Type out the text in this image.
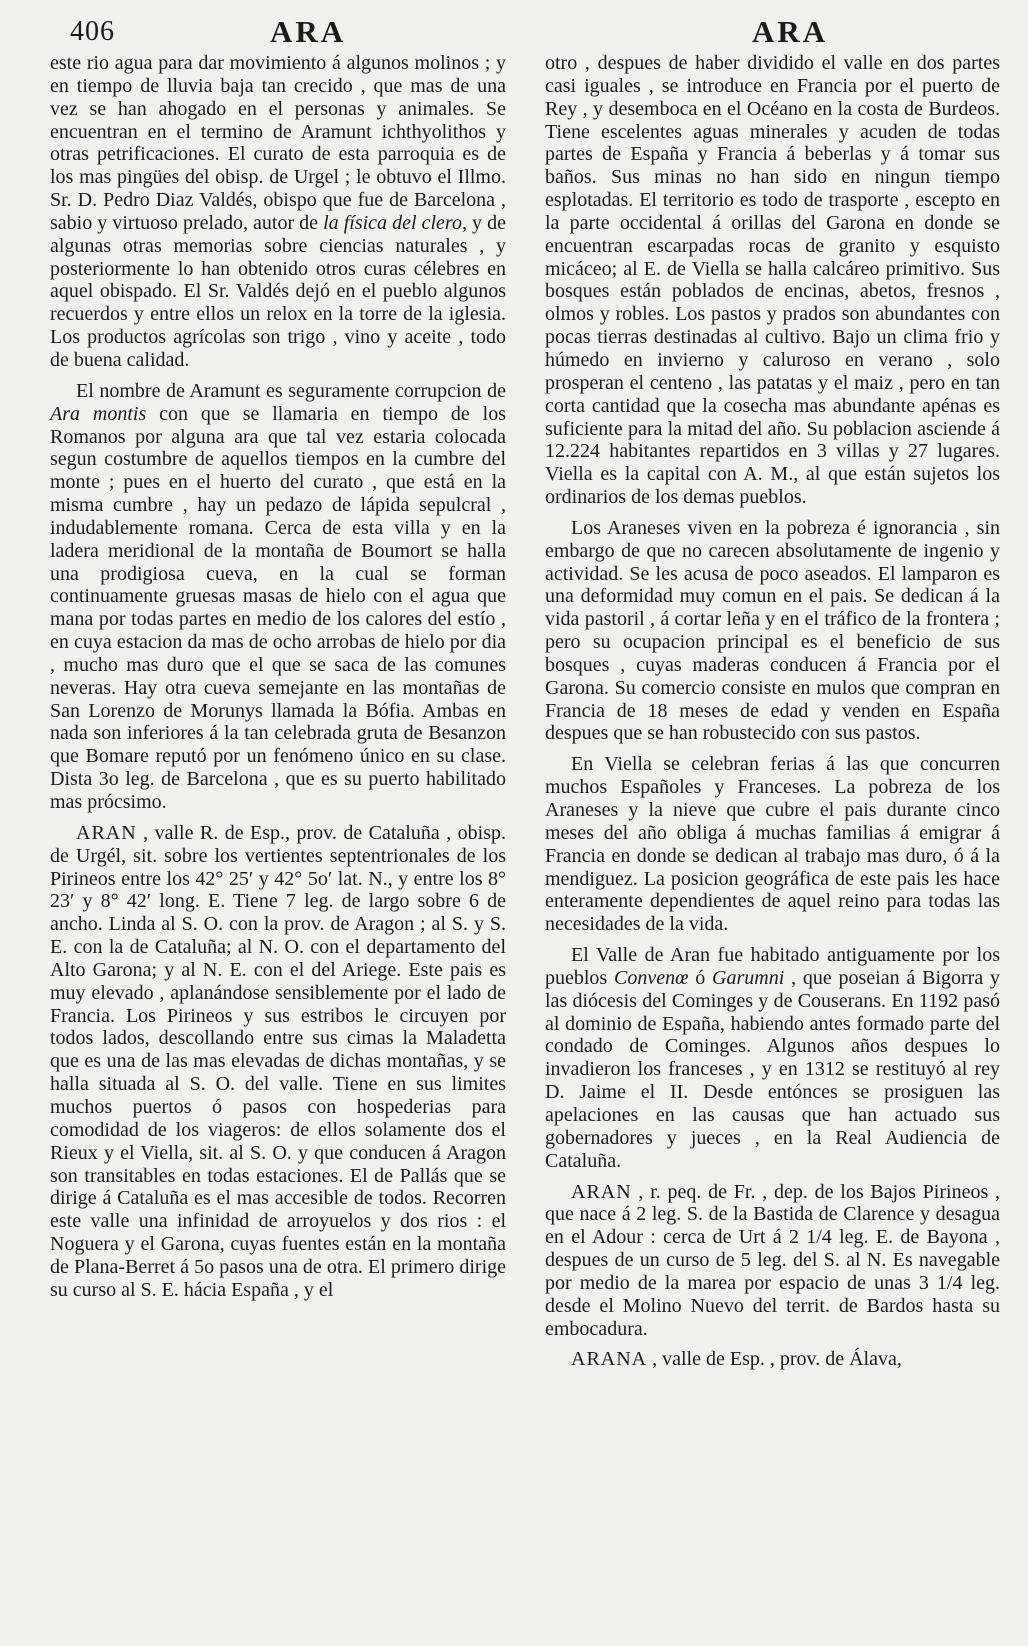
406	ARA	ARA

este rio agua para dar movimiento á algunos molinos ; y en tiempo de lluvia baja tan crecido , que mas de una vez se han ahogado en el personas y animales. Se encuentran en el termino de Aramunt ichthyolithos y otras petrificaciones. El curato de esta parroquia es de los mas pingües del obisp. de Urgel ; le obtuvo el Illmo. Sr. D. Pedro Diaz Valdés, obispo que fue de Barcelona , sabio y virtuoso prelado, autor de la física del clero, y de algunas otras memorias sobre ciencias naturales , y posteriormente lo han obtenido otros curas célebres en aquel obispado. El Sr. Valdés dejó en el pueblo algunos recuerdos y entre ellos un relox en la torre de la iglesia. Los productos agrícolas son trigo , vino y aceite , todo de buena calidad.

El nombre de Aramunt es seguramente corrupcion de Ara montis con que se llamaria en tiempo de los Romanos por alguna ara que tal vez estaria colocada segun costumbre de aquellos tiempos en la cumbre del monte ; pues en el huerto del curato , que está en la misma cumbre , hay un pedazo de lápida sepulcral , indudablemente romana. Cerca de esta villa y en la ladera meridional de la montaña de Boumort se halla una prodigiosa cueva, en la cual se forman continuamente gruesas masas de hielo con el agua que mana por todas partes en medio de los calores del estío , en cuya estacion da mas de ocho arrobas de hielo por dia , mucho mas duro que el que se saca de las comunes neveras. Hay otra cueva semejante en las montañas de San Lorenzo de Morunys llamada la Bófia. Ambas en nada son inferiores á la tan celebrada gruta de Besanzon que Bomare reputó por un fenómeno único en su clase. Dista 3o leg. de Barcelona , que es su puerto habilitado mas prócsimo.

ARAN , valle R. de Esp., prov. de Cataluña , obisp. de Urgél, sit. sobre los vertientes septentrionales de los Pirineos entre los 42° 25′ y 42° 5o′ lat. N., y entre los 8° 23′ y 8° 42′ long. E. Tiene 7 leg. de largo sobre 6 de ancho. Linda al S. O. con la prov. de Aragon ; al S. y S. E. con la de Cataluña; al N. O. con el departamento del Alto Garona; y al N. E. con el del Ariege. Este pais es muy elevado , aplanándose sensiblemente por el lado de Francia. Los Pirineos y sus estribos le circuyen por todos lados, descollando entre sus cimas la Maladetta que es una de las mas elevadas de dichas montañas, y se halla situada al S. O. del valle. Tiene en sus limites muchos puertos ó pasos con hospederias para comodidad de los viageros: de ellos solamente dos el Rieux y el Viella, sit. al S. O. y que conducen á Aragon son transitables en todas estaciones. El de Pallás que se dirige á Cataluña es el mas accesible de todos. Recorren este valle una infinidad de arroyuelos y dos rios : el Noguera y el Garona, cuyas fuentes están en la montaña de Plana-Berret á 5o pasos una de otra. El primero dirige su curso al S. E. hácia España , y el

otro , despues de haber dividido el valle en dos partes casi iguales , se introduce en Francia por el puerto de Rey , y desemboca en el Océano en la costa de Burdeos. Tiene escelentes aguas minerales y acuden de todas partes de España y Francia á beberlas y á tomar sus baños. Sus minas no han sido en ningun tiempo esplotadas. El territorio es todo de trasporte , escepto en la parte occidental á orillas del Garona en donde se encuentran escarpadas rocas de granito y esquisto micáceo; al E. de Viella se halla calcáreo primitivo. Sus bosques están poblados de encinas, abetos, fresnos , olmos y robles. Los pastos y prados son abundantes con pocas tierras destinadas al cultivo. Bajo un clima frio y húmedo en invierno y caluroso en verano , solo prosperan el centeno , las patatas y el maiz , pero en tan corta cantidad que la cosecha mas abundante apénas es suficiente para la mitad del año. Su poblacion asciende á 12.224 habitantes repartidos en 3 villas y 27 lugares. Viella es la capital con A. M., al que están sujetos los ordinarios de los demas pueblos.

Los Araneses viven en la pobreza é ignorancia , sin embargo de que no carecen absolutamente de ingenio y actividad. Se les acusa de poco aseados. El lamparon es una deformidad muy comun en el pais. Se dedican á la vida pastoril , á cortar leña y en el tráfico de la frontera ; pero su ocupacion principal es el beneficio de sus bosques , cuyas maderas conducen á Francia por el Garona. Su comercio consiste en mulos que compran en Francia de 18 meses de edad y venden en España despues que se han robustecido con sus pastos.

En Viella se celebran ferias á las que concurren muchos Españoles y Franceses. La pobreza de los Araneses y la nieve que cubre el pais durante cinco meses del año obliga á muchas familias á emigrar á Francia en donde se dedican al trabajo mas duro, ó á la mendiguez. La posicion geográfica de este pais les hace enteramente dependientes de aquel reino para todas las necesidades de la vida.

El Valle de Aran fue habitado antiguamente por los pueblos Convenœ ó Garumni , que poseian á Bigorra y las diócesis del Cominges y de Couserans. En 1192 pasó al dominio de España, habiendo antes formado parte del condado de Cominges. Algunos años despues lo invadieron los franceses , y en 1312 se restituyó al rey D. Jaime el II. Desde entónces se prosiguen las apelaciones en las causas que han actuado sus gobernadores y jueces , en la Real Audiencia de Cataluña.

ARAN , r. peq. de Fr. , dep. de los Bajos Pirineos , que nace á 2 leg. S. de la Bastida de Clarence y desagua en el Adour : cerca de Urt á 2 1/4 leg. E. de Bayona , despues de un curso de 5 leg. del S. al N. Es navegable por medio de la marea por espacio de unas 3 1/4 leg. desde el Molino Nuevo del territ. de Bardos hasta su embocadura.

ARANA , valle de Esp. , prov. de Álava,
